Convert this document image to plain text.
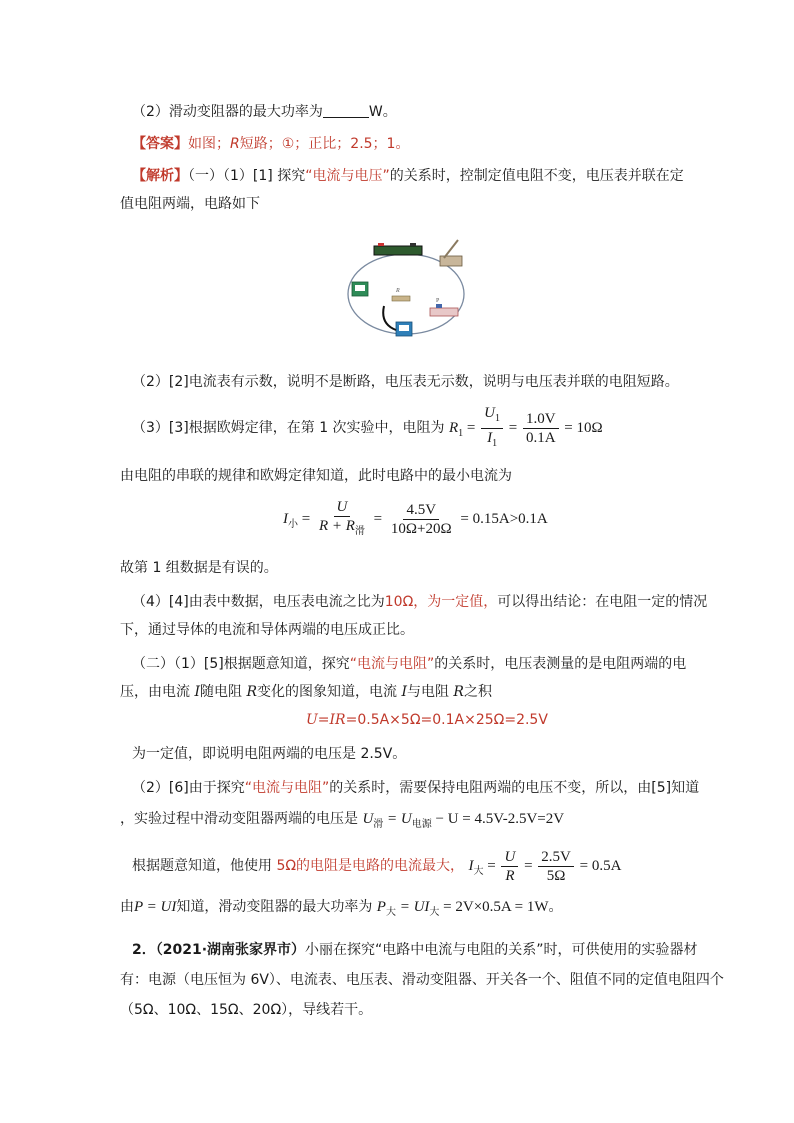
（2）滑动变阻器的最大功率为	W。
【答案】如图；R短路；①；正比；2.5；1。
【解析】（一）（1）[1] 探究“电流与电压”的关系时，控制定值电阻不变，电压表并联在定
值电阻两端，电路如下
R
P
（2）[2]电流表有示数，说明不是断路，电压表无示数，说明与电压表并联的电阻短路。
（3）[3]根据欧姆定律，在第 1 次实验中，电阻为 $R_1 = \frac{U_1}{I_1} = \frac{1.0V}{0.1A} = 10\Omega$
由电阻的串联的规律和欧姆定律知道，此时电路中的最小电流为
$I_小 = \frac{U}{R + R_滑} = \frac{4.5V}{10\Omega+20\Omega} = 0.15A>0.1A$
故第 1 组数据是有误的。
（4）[4]由表中数据，电压表电流之比为10Ω，为一定值，可以得出结论：在电阻一定的情况
下，通过导体的电流和导体两端的电压成正比。
（二）（1）[5]根据题意知道，探究“电流与电阻”的关系时，电压表测量的是电阻两端的电
压，由电流 I随电阻 R变化的图象知道，电流 I与电阻 R之积
U=IR=0.5A×5Ω=0.1A×25Ω=2.5V
为一定值，即说明电阻两端的电压是 2.5V。
（2）[6]由于探究“电流与电阻”的关系时，需要保持电阻两端的电压不变，所以，由[5]知道
，实验过程中滑动变阻器两端的电压是 $U_滑 = U_{电源} - U = 4.5V-2.5V=2V$
根据题意知道，他使用 5Ω的电阻是电路的电流最大， $I_大 = \frac{U}{R} = \frac{2.5V}{5\Omega} = 0.5A$
由P = UI知道，滑动变阻器的最大功率为 $P_大 = UI_大 = 2V\times 0.5A = 1W$。
2．（2021·湖南张家界市）小丽在探究“电路中电流与电阻的关系”时，可供使用的实验器材
有：电源（电压恒为 6V）、电流表、电压表、滑动变阻器、开关各一个、阻值不同的定值电阻四个
（5Ω、10Ω、15Ω、20Ω），导线若干。
